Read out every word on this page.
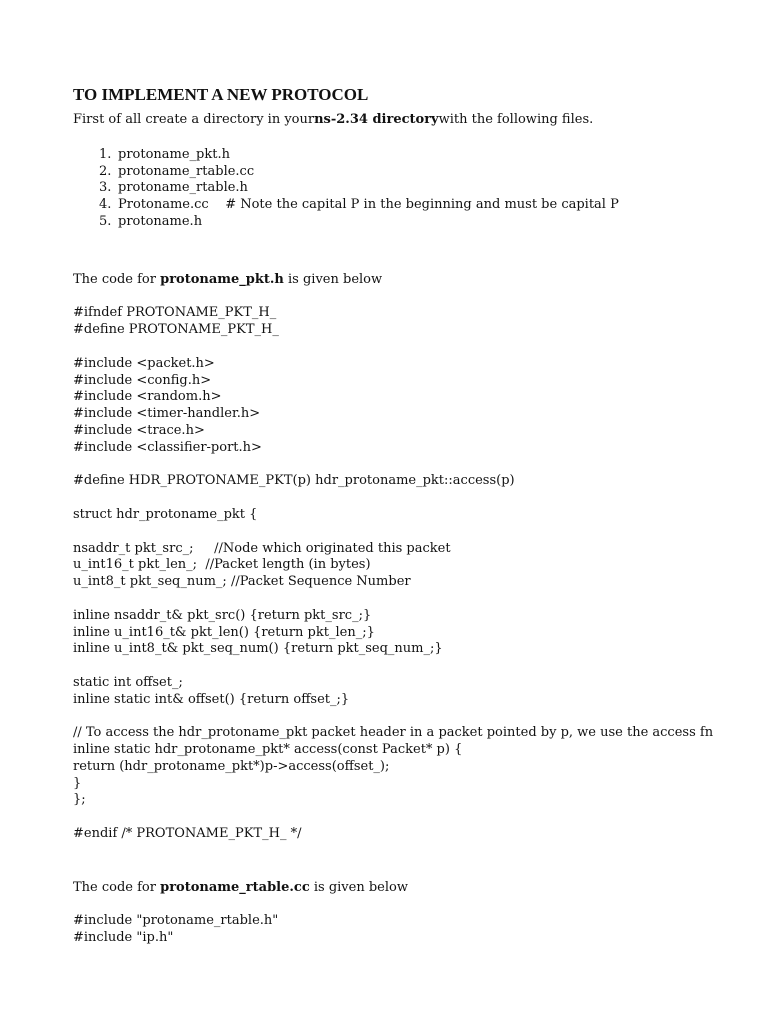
TO IMPLEMENT A NEW PROTOCOL
First of all create a directory in yourns-2.34 directorywith the following files.
1. protoname_pkt.h
2. protoname_rtable.cc
3. protoname_rtable.h
4. Protoname.cc    # Note the capital P in the beginning and must be capital P
5. protoname.h
The code for protoname_pkt.h is given below
#ifndef PROTONAME_PKT_H_
#define PROTONAME_PKT_H_
#include <packet.h>
#include <config.h>
#include <random.h>
#include <timer-handler.h>
#include <trace.h>
#include <classifier-port.h>
#define HDR_PROTONAME_PKT(p) hdr_protoname_pkt::access(p)
struct hdr_protoname_pkt {
nsaddr_t pkt_src_;     //Node which originated this packet
u_int16_t pkt_len_;  //Packet length (in bytes)
u_int8_t pkt_seq_num_; //Packet Sequence Number
inline nsaddr_t& pkt_src() {return pkt_src_;}
inline u_int16_t& pkt_len() {return pkt_len_;}
inline u_int8_t& pkt_seq_num() {return pkt_seq_num_;}
static int offset_;
inline static int& offset() {return offset_;}
// To access the hdr_protoname_pkt packet header in a packet pointed by p, we use the access fn
inline static hdr_protoname_pkt* access(const Packet* p) {
return (hdr_protoname_pkt*)p->access(offset_);
}
};
#endif /* PROTONAME_PKT_H_ */
The code for protoname_rtable.cc is given below
#include "protoname_rtable.h"
#include "ip.h"
